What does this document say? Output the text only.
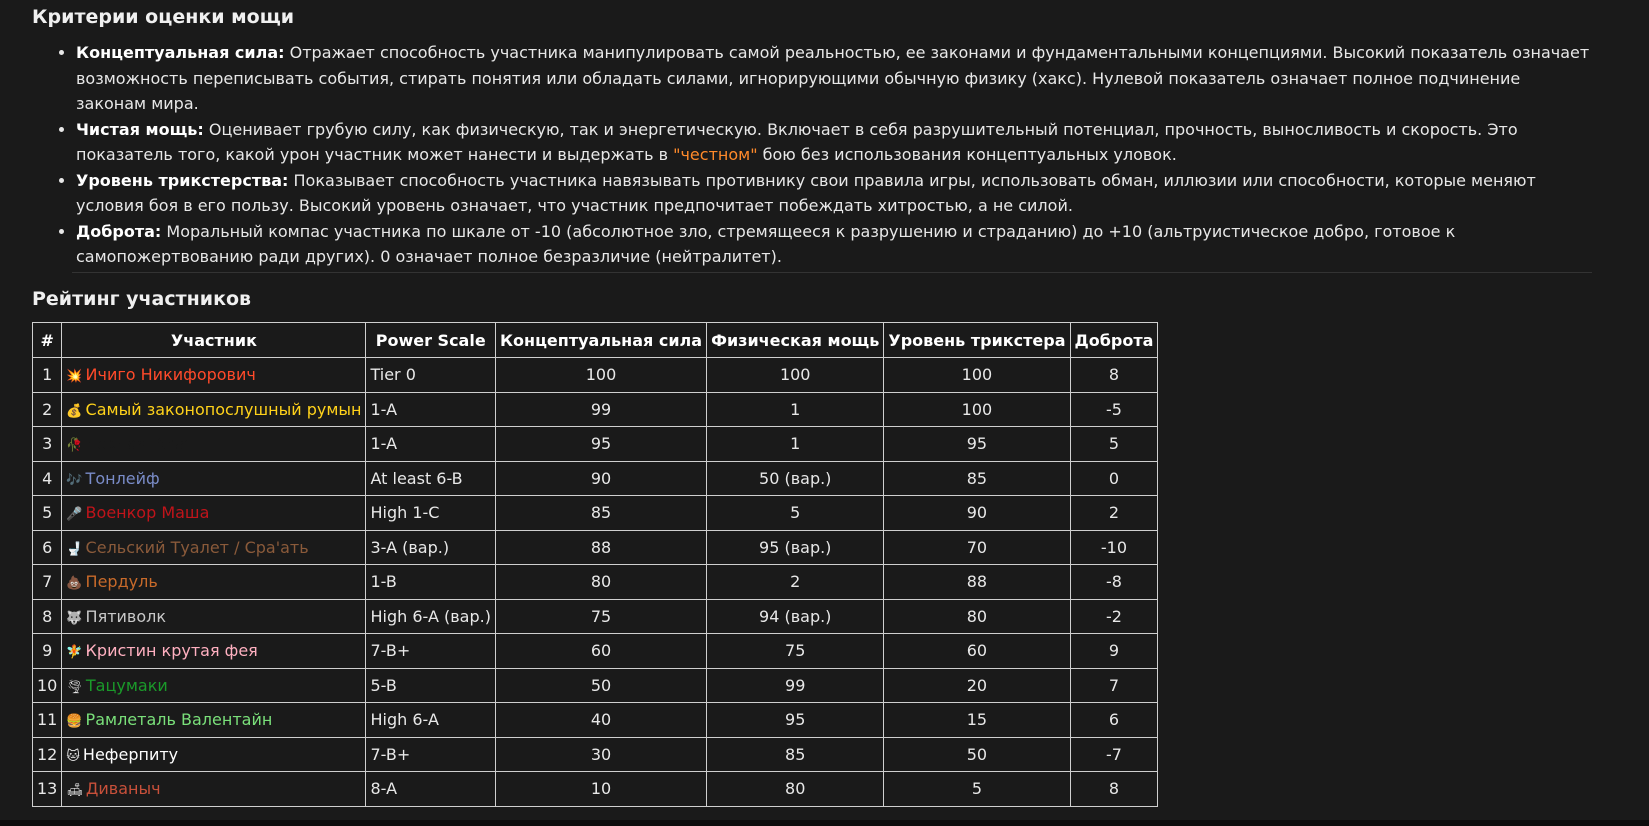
Критерии оценки мощи
• Концептуальная сила: Отражает способность участника манипулировать самой реальностью, ее законами и фундаментальными концепциями. Высокий показатель означает возможность переписывать события, стирать понятия или обладать силами, игнорирующими обычную физику (хакс). Нулевой показатель означает полное подчинение законам мира.
• Чистая мощь: Оценивает грубую силу, как физическую, так и энергетическую. Включает в себя разрушительный потенциал, прочность, выносливость и скорость. Это показатель того, какой урон участник может нанести и выдержать в "честном" бою без использования концептуальных уловок.
• Уровень трикстерства: Показывает способность участника навязывать противнику свои правила игры, использовать обман, иллюзии или способности, которые меняют условия боя в его пользу. Высокий уровень означает, что участник предпочитает побеждать хитростью, а не силой.
• Доброта: Моральный компас участника по шкале от -10 (абсолютное зло, стремящееся к разрушению и страданию) до +10 (альтруистическое добро, готовое к самопожертвованию ради других). 0 означает полное безразличие (нейтралитет).
Рейтинг участников
#	Участник	Power Scale	Концептуальная сила	Физическая мощь	Уровень трикстера	Доброта
1	💥 Ичиго Никифорович	Tier 0	100	100	100	8
2	💰 Самый законопослушный румын	1-A	99	1	100	-5
3	🥀 Черная Роза	1-A	95	1	95	5
4	🎶 Тонлейф	At least 6-B	90	50 (вар.)	85	0
5	🎤 Военкор Маша	High 1-C	85	5	90	2
6	🚽 Сельский Туалет / Сра'ать	3-A (вар.)	88	95 (вар.)	70	-10
7	💩 Пердуль	1-B	80	2	88	-8
8	🐺 Пятиволк	High 6-A (вар.)	75	94 (вар.)	80	-2
9	🧚 Кристин крутая фея	7-B+	60	75	60	9
10	🌪 Тацумаки	5-B	50	99	20	7
11	🍔 Рамлеталь Валентайн	High 6-A	40	95	15	6
12	🐱 Неферпиту	7-B+	30	85	50	-7
13	🛋 Диваныч	8-A	10	80	5	8
